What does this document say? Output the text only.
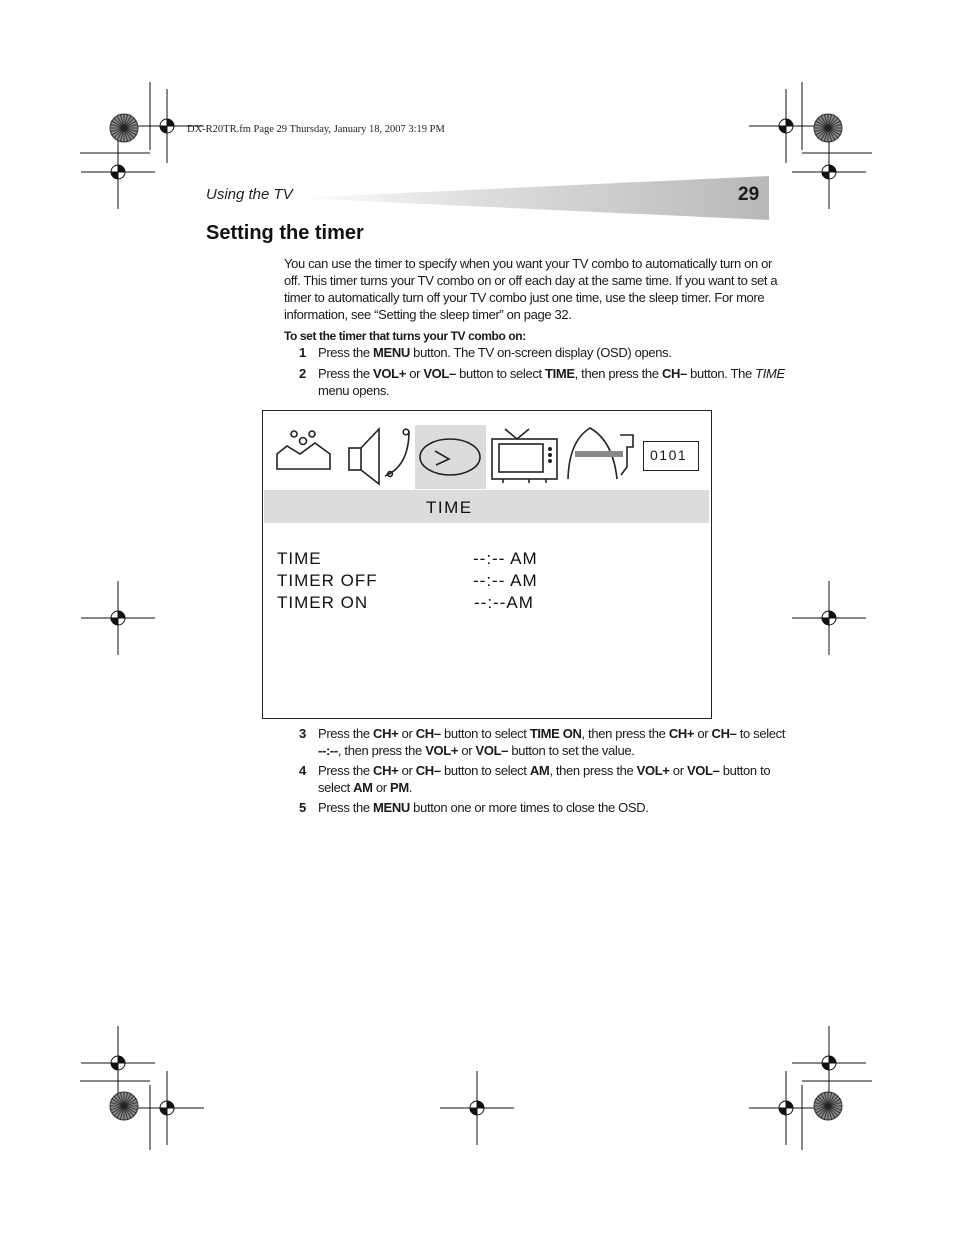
DX-R20TR.fm Page 29 Thursday, January 18, 2007 3:19 PM
Using the TV	29
Setting the timer
You can use the timer to specify when you want your TV combo to automatically turn on or off. This timer turns your TV combo on or off each day at the same time. If you want to set a timer to automatically turn off your TV combo just one time, use the sleep timer. For more information, see “Setting the sleep timer” on page 32.
To set the timer that turns your TV combo on:
1 Press the MENU button. The TV on-screen display (OSD) opens.
2 Press the VOL+ or VOL– button to select TIME, then press the CH– button. The TIME menu opens.
0101
TIME
TIME	--:-- AM
TIMER OFF	--:-- AM
TIMER ON	--:--AM
3 Press the CH+ or CH– button to select TIME ON, then press the CH+ or CH– to select --:--, then press the VOL+ or VOL– button to set the value.
4 Press the CH+ or CH– button to select AM, then press the VOL+ or VOL– button to select AM or PM.
5 Press the MENU button one or more times to close the OSD.
